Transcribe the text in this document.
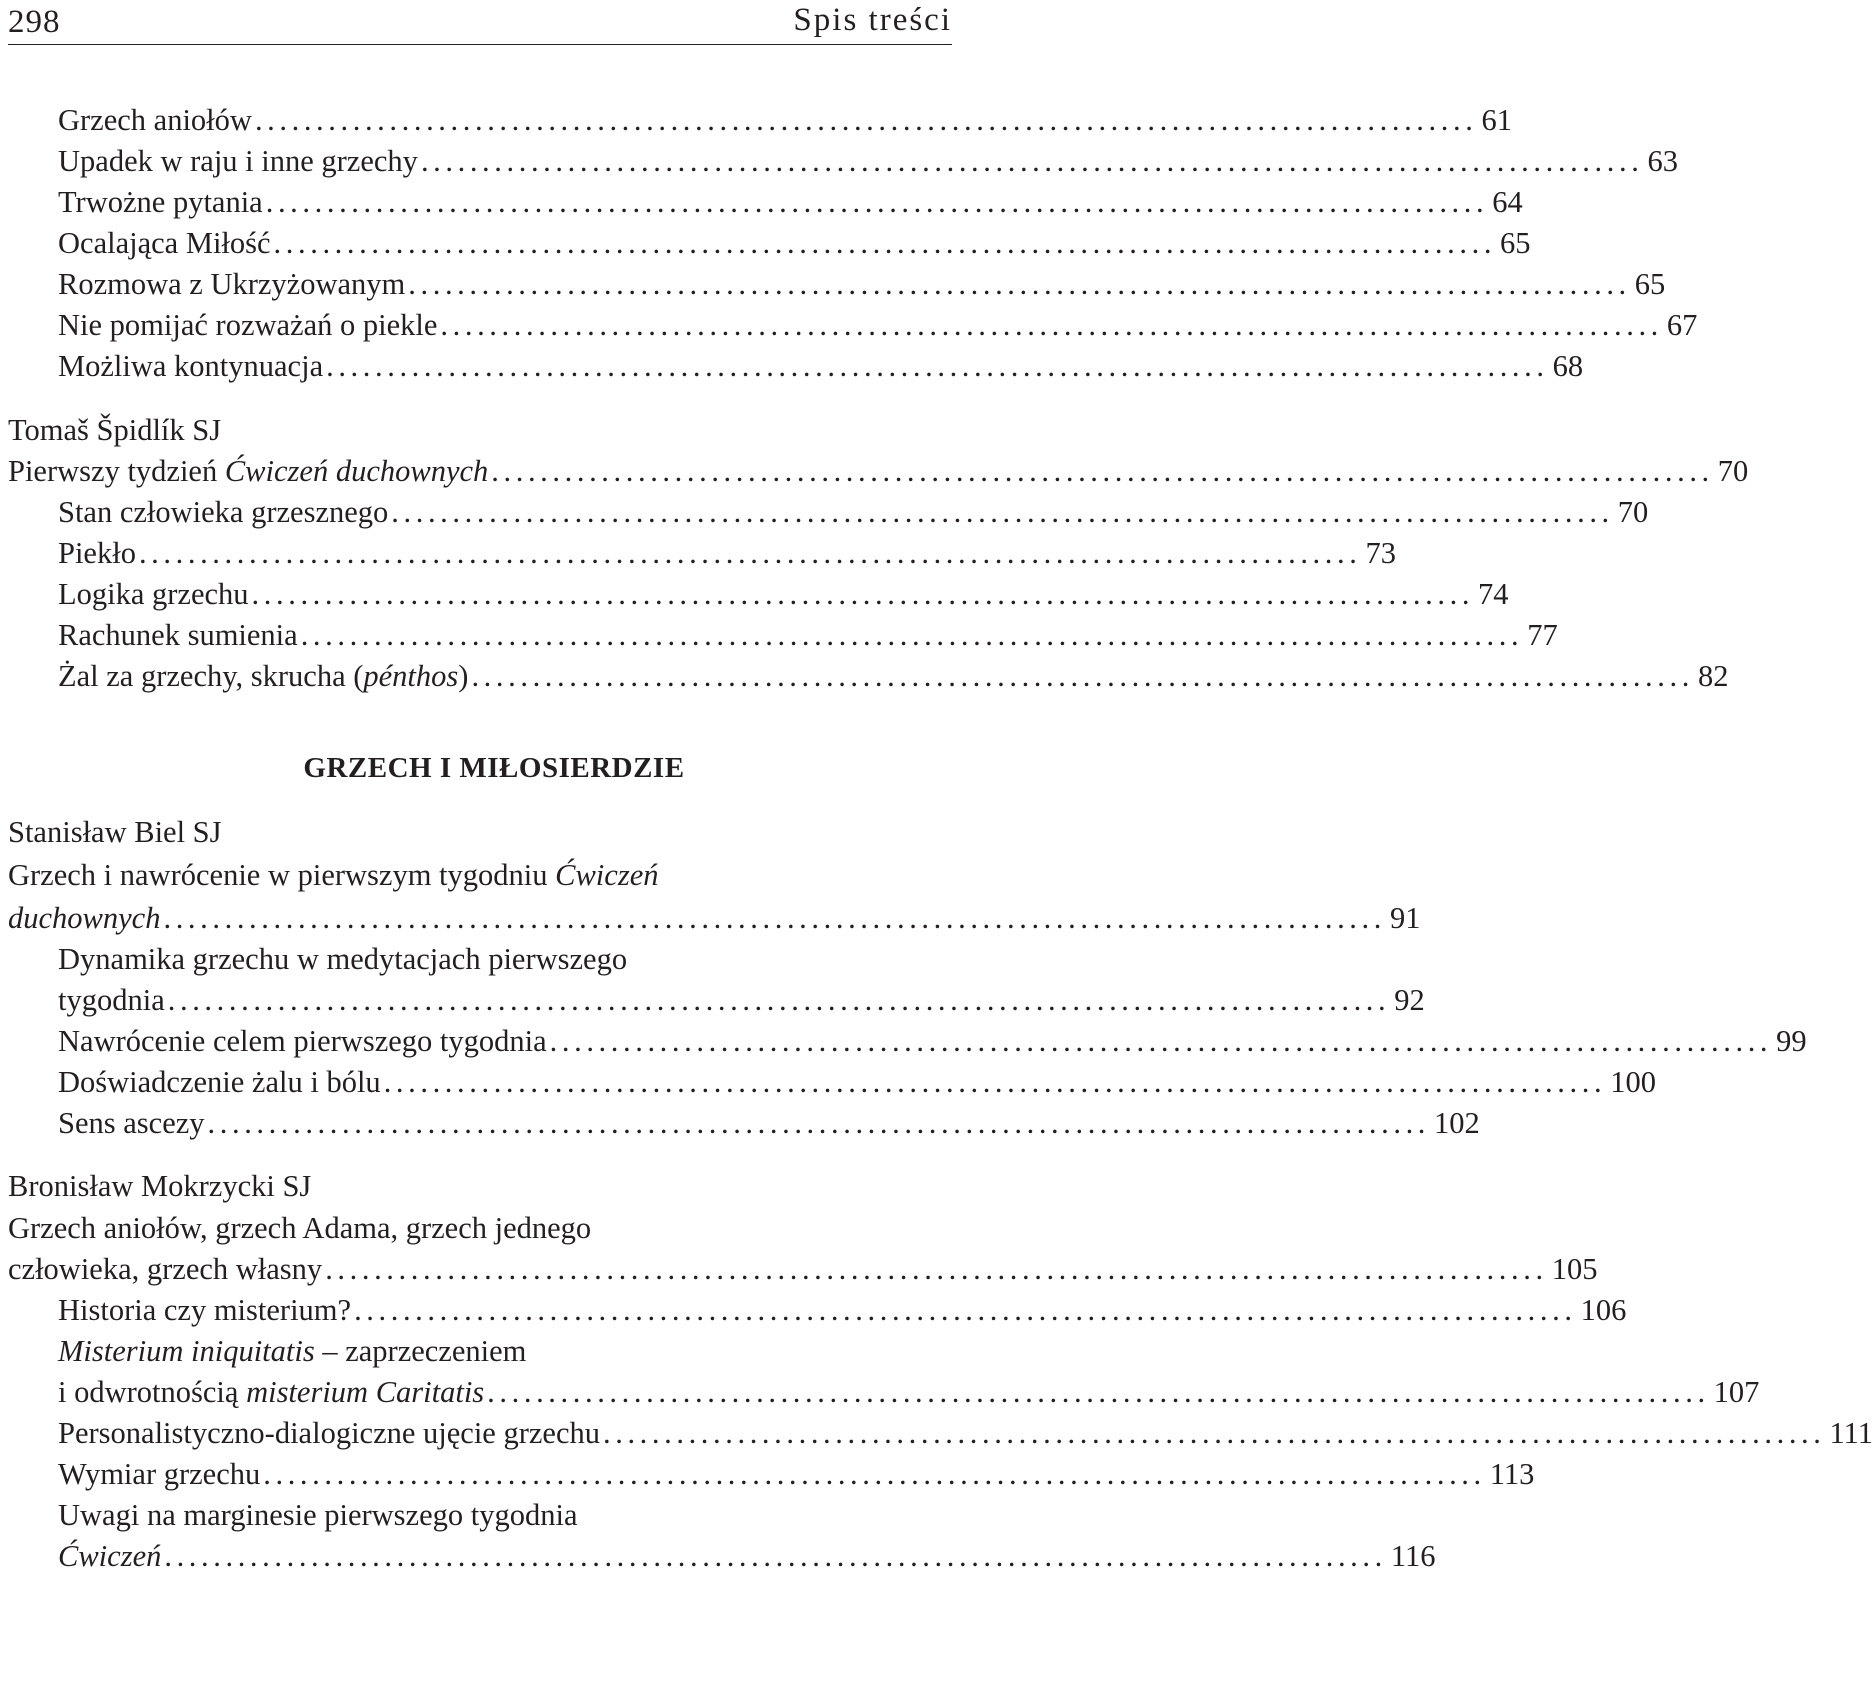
298	Spis treści
Grzech aniołów .................................................................................................... 61
Upadek w raju i inne grzechy .................................................................................................... 63
Trwożne pytania .................................................................................................... 64
Ocalająca Miłość .................................................................................................... 65
Rozmowa z Ukrzyżowanym .................................................................................................... 65
Nie pomijać rozważań o piekle .................................................................................................... 67
Możliwa kontynuacja .................................................................................................... 68
Tomaš Špidlík SJ
Pierwszy tydzień Ćwiczeń duchownych .................................................................................................... 70
Stan człowieka grzesznego .................................................................................................... 70
Piekło .................................................................................................... 73
Logika grzechu .................................................................................................... 74
Rachunek sumienia .................................................................................................... 77
Żal za grzechy, skrucha (pénthos) .................................................................................................... 82
GRZECH I MIŁOSIERDZIE
Stanisław Biel SJ
Grzech i nawrócenie w pierwszym tygodniu Ćwiczeń
duchownych .................................................................................................... 91
Dynamika grzechu w medytacjach pierwszego
tygodnia .................................................................................................... 92
Nawrócenie celem pierwszego tygodnia .................................................................................................... 99
Doświadczenie żalu i bólu .................................................................................................... 100
Sens ascezy .................................................................................................... 102
Bronisław Mokrzycki SJ
Grzech aniołów, grzech Adama, grzech jednego
człowieka, grzech własny .................................................................................................... 105
Historia czy misterium? .................................................................................................... 106
Misterium iniquitatis – zaprzeczeniem
i odwrotnością misterium Caritatis .................................................................................................... 107
Personalistyczno-dialogiczne ujęcie grzechu .................................................................................................... 111
Wymiar grzechu .................................................................................................... 113
Uwagi na marginesie pierwszego tygodnia
Ćwiczeń .................................................................................................... 116
